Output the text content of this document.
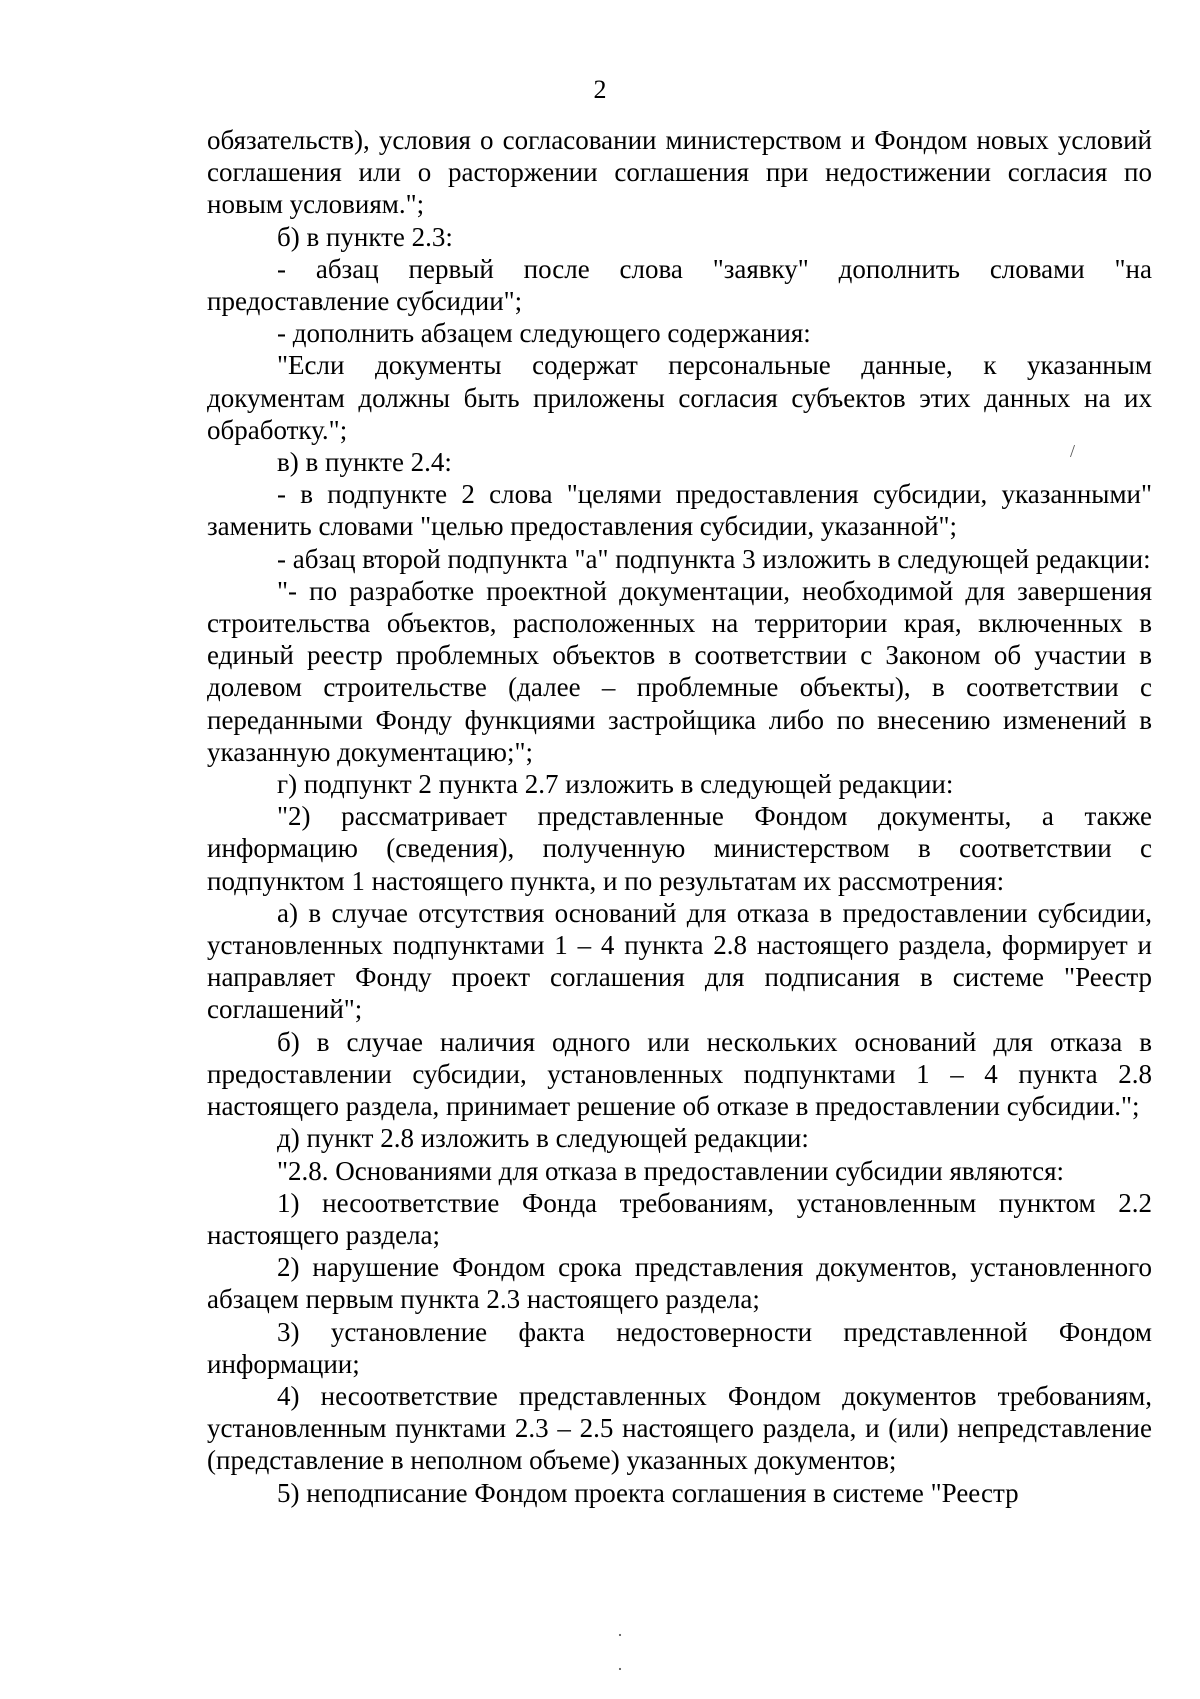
2

обязательств), условия о согласовании министерством и Фондом новых условий соглашения или о расторжении соглашения при недостижении согласия по новым условиям.";

б) в пункте 2.3:

- абзац первый после слова "заявку" дополнить словами "на предоставление субсидии";

- дополнить абзацем следующего содержания:

"Если документы содержат персональные данные, к указанным документам должны быть приложены согласия субъектов этих данных на их обработку.";

в) в пункте 2.4:

- в подпункте 2 слова "целями предоставления субсидии, указанными" заменить словами "целью предоставления субсидии, указанной";

- абзац второй подпункта "а" подпункта 3 изложить в следующей редакции:

"- по разработке проектной документации, необходимой для завершения строительства объектов, расположенных на территории края, включенных в единый реестр проблемных объектов в соответствии с Законом об участии в долевом строительстве (далее – проблемные объекты), в соответствии с переданными Фонду функциями застройщика либо по внесению изменений в указанную документацию;";

г) подпункт 2 пункта 2.7 изложить в следующей редакции:

"2) рассматривает представленные Фондом документы, а также информацию (сведения), полученную министерством в соответствии с подпунктом 1 настоящего пункта, и по результатам их рассмотрения:

а) в случае отсутствия оснований для отказа в предоставлении субсидии, установленных подпунктами 1 – 4 пункта 2.8 настоящего раздела, формирует и направляет Фонду проект соглашения для подписания в системе "Реестр соглашений";

б) в случае наличия одного или нескольких оснований для отказа в предоставлении субсидии, установленных подпунктами 1 – 4 пункта 2.8 настоящего раздела, принимает решение об отказе в предоставлении субсидии.";

д) пункт 2.8 изложить в следующей редакции:

"2.8. Основаниями для отказа в предоставлении субсидии являются:

1) несоответствие Фонда требованиям, установленным пунктом 2.2 настоящего раздела;

2) нарушение Фондом срока представления документов, установленного абзацем первым пункта 2.3 настоящего раздела;

3) установление факта недостоверности представленной Фондом информации;

4) несоответствие представленных Фондом документов требованиям, установленным пунктами 2.3 – 2.5 настоящего раздела, и (или) непредставление (представление в неполном объеме) указанных документов;

5) неподписание Фондом проекта соглашения в системе "Реестр

/
·
·
